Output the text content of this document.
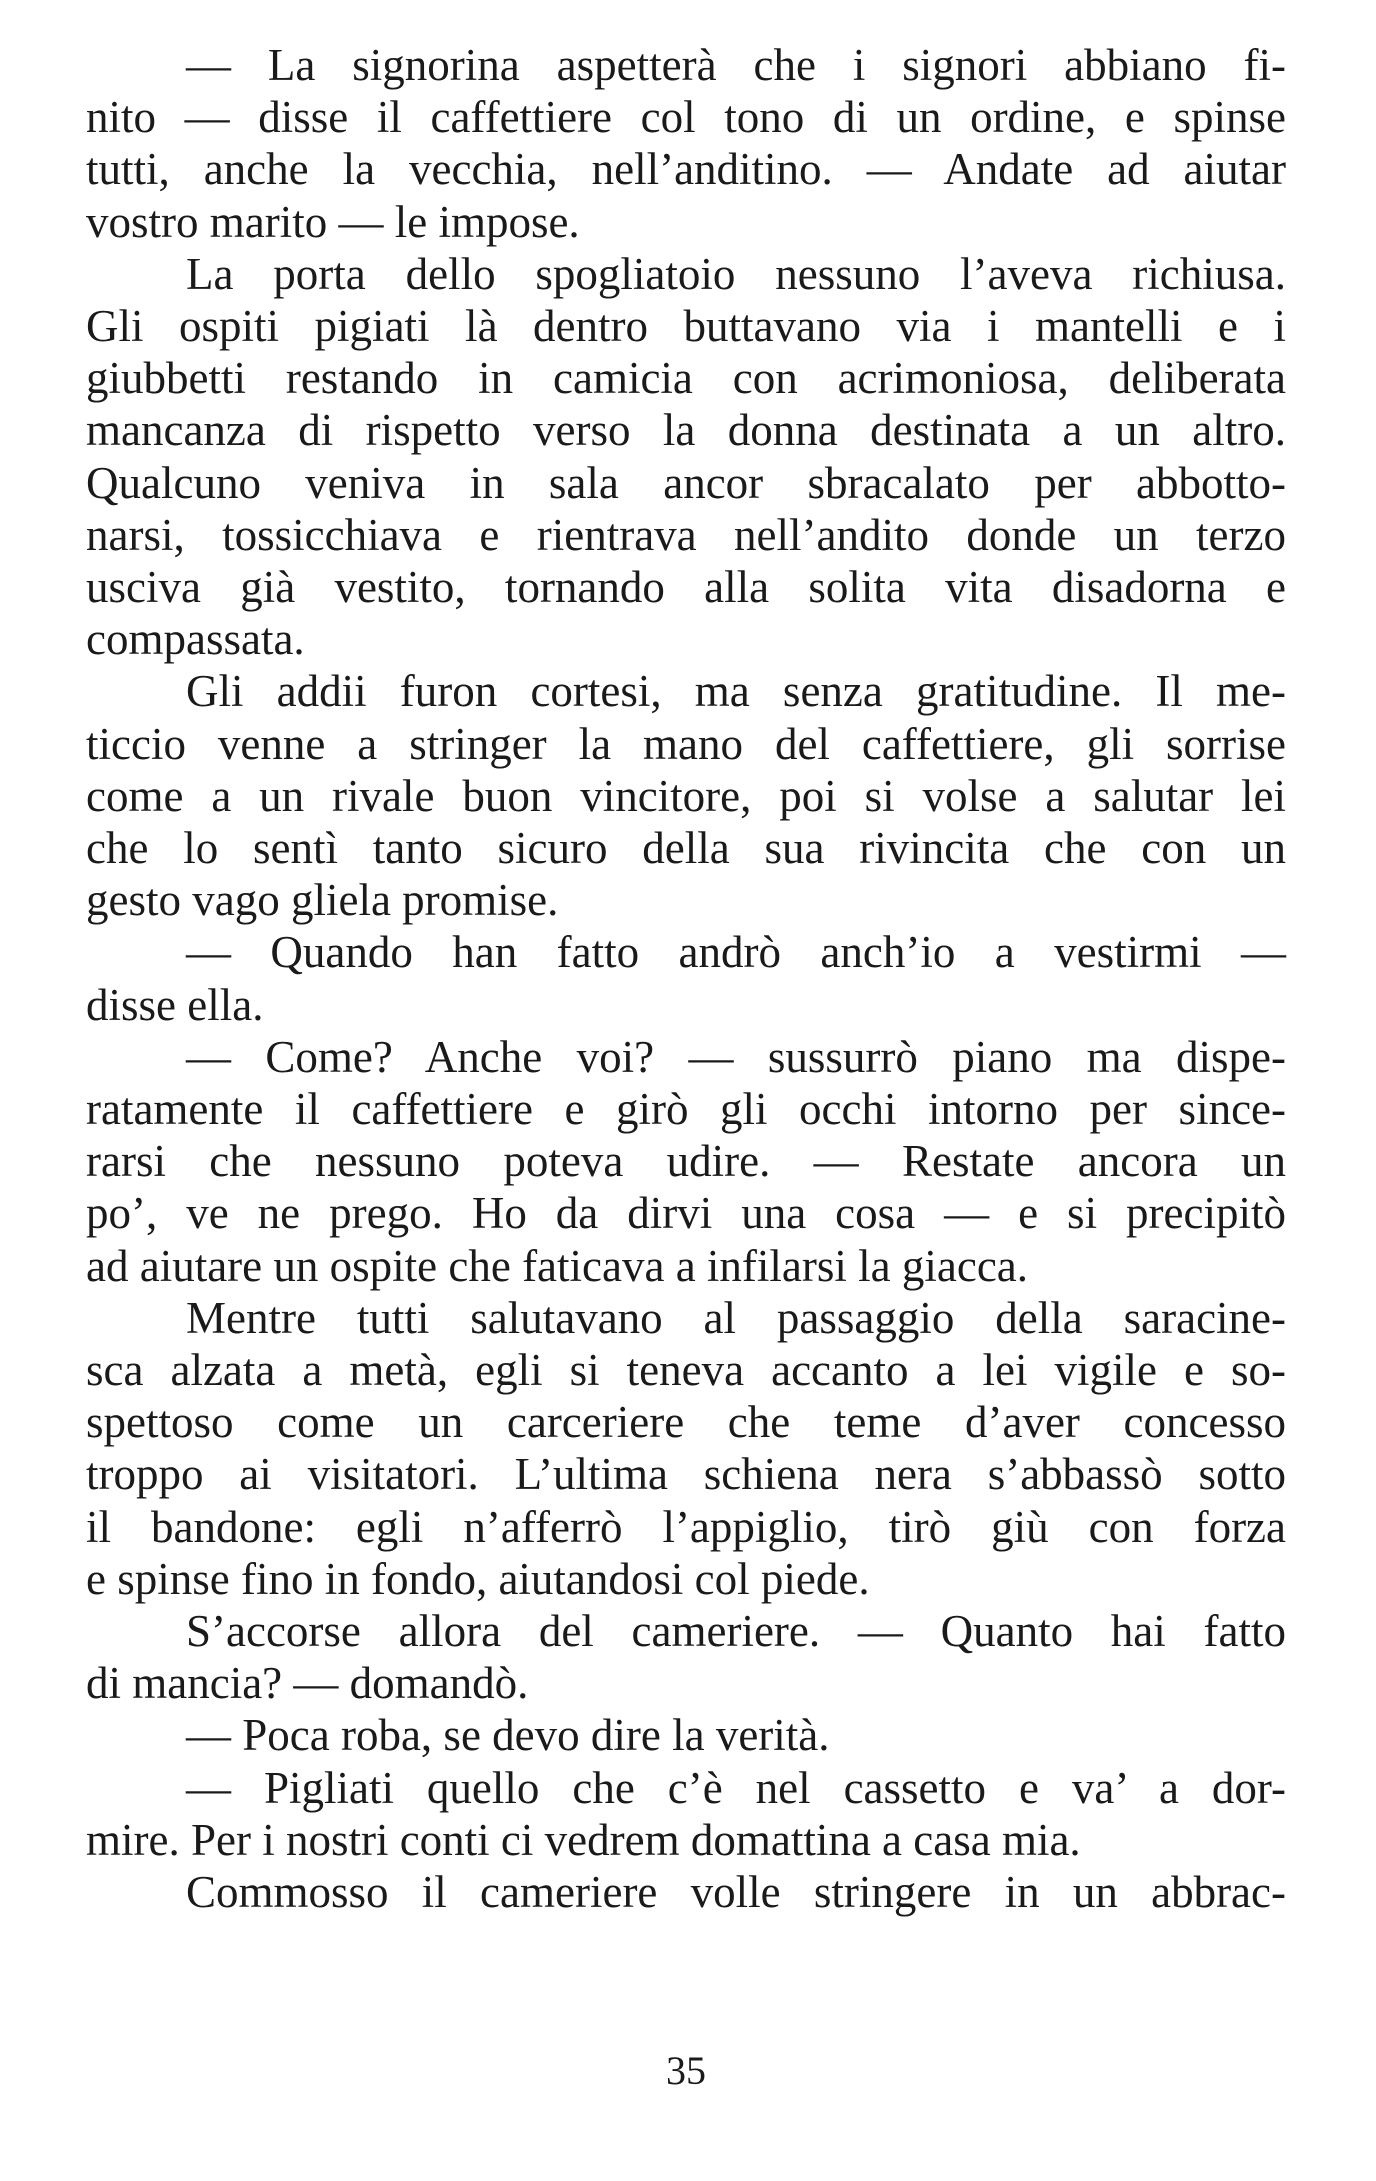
— La signorina aspetterà che i signori abbiano fi-
nito — disse il caffettiere col tono di un ordine, e spinse
tutti, anche la vecchia, nell’anditino. — Andate ad aiutar
vostro marito — le impose.
La porta dello spogliatoio nessuno l’aveva richiusa.
Gli ospiti pigiati là dentro buttavano via i mantelli e i
giubbetti restando in camicia con acrimoniosa, deliberata
mancanza di rispetto verso la donna destinata a un altro.
Qualcuno veniva in sala ancor sbracalato per abbotto-
narsi, tossicchiava e rientrava nell’andito donde un terzo
usciva già vestito, tornando alla solita vita disadorna e
compassata.
Gli addii furon cortesi, ma senza gratitudine. Il me-
ticcio venne a stringer la mano del caffettiere, gli sorrise
come a un rivale buon vincitore, poi si volse a salutar lei
che lo sentì tanto sicuro della sua rivincita che con un
gesto vago gliela promise.
— Quando han fatto andrò anch’io a vestirmi —
disse ella.
— Come? Anche voi? — sussurrò piano ma dispe-
ratamente il caffettiere e girò gli occhi intorno per since-
rarsi che nessuno poteva udire. — Restate ancora un
po’, ve ne prego. Ho da dirvi una cosa — e si precipitò
ad aiutare un ospite che faticava a infilarsi la giacca.
Mentre tutti salutavano al passaggio della saracine-
sca alzata a metà, egli si teneva accanto a lei vigile e so-
spettoso come un carceriere che teme d’aver concesso
troppo ai visitatori. L’ultima schiena nera s’abbassò sotto
il bandone: egli n’afferrò l’appiglio, tirò giù con forza
e spinse fino in fondo, aiutandosi col piede.
S’accorse allora del cameriere. — Quanto hai fatto
di mancia? — domandò.
— Poca roba, se devo dire la verità.
— Pigliati quello che c’è nel cassetto e va’ a dor-
mire. Per i nostri conti ci vedrem domattina a casa mia.
Commosso il cameriere volle stringere in un abbrac-
35
